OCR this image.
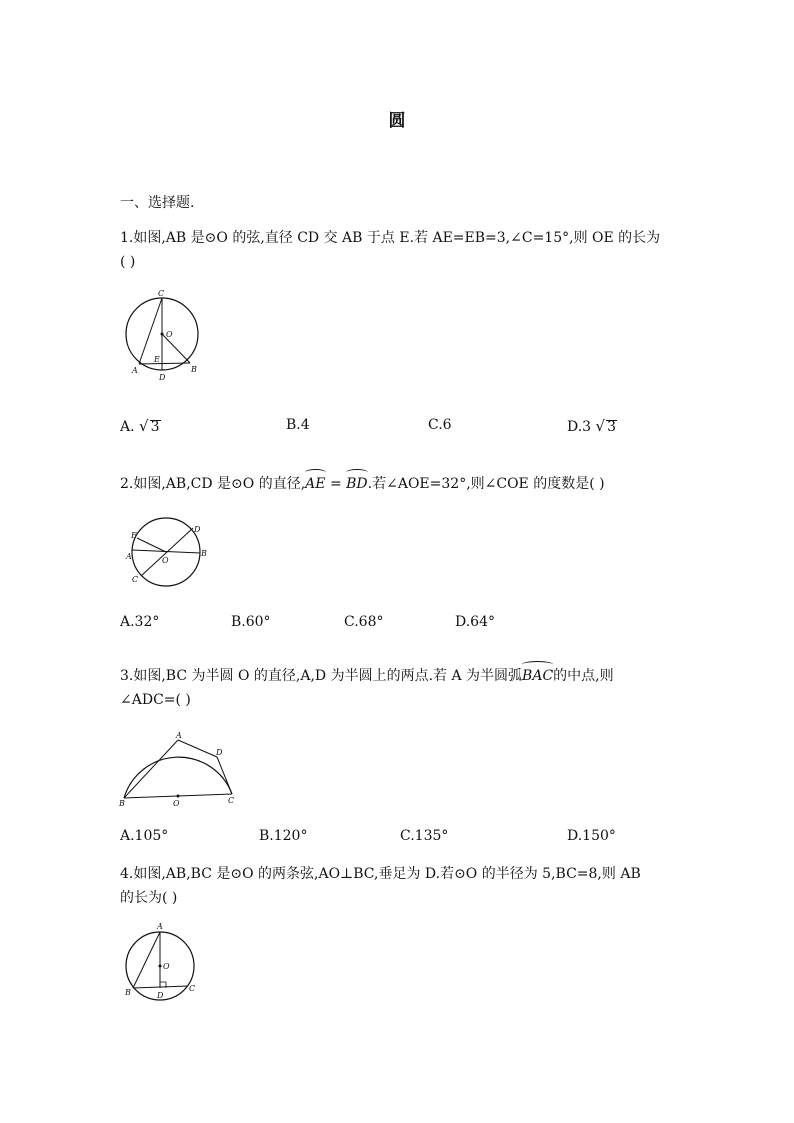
圆
一、选择题.
1.如图,AB 是⊙O 的弦,直径 CD 交 AB 于点 E.若 AE=EB=3,∠C=15°,则 OE 的长为
( )
C
O
E
A
D
B
A. √ 3	B.4	C.6	D.3 √ 3
2.如图,AB,CD 是⊙O 的直径,AE = BD.若∠AOE=32°,则∠COE 的度数是( )
E
D
A	B
O
C
A.32°	B.60°	C.68°	D.64°
3.如图,BC 为半圆 O 的直径,A,D 为半圆上的两点.若 A 为半圆弧BAC的中点,则
∠ADC=( )
A
D
B	O	C
A.105°	B.120°	C.135°	D.150°
4.如图,AB,BC 是⊙O 的两条弦,AO⊥BC,垂足为 D.若⊙O 的半径为 5,BC=8,则 AB
的长为( )
A
O
B	D
C
